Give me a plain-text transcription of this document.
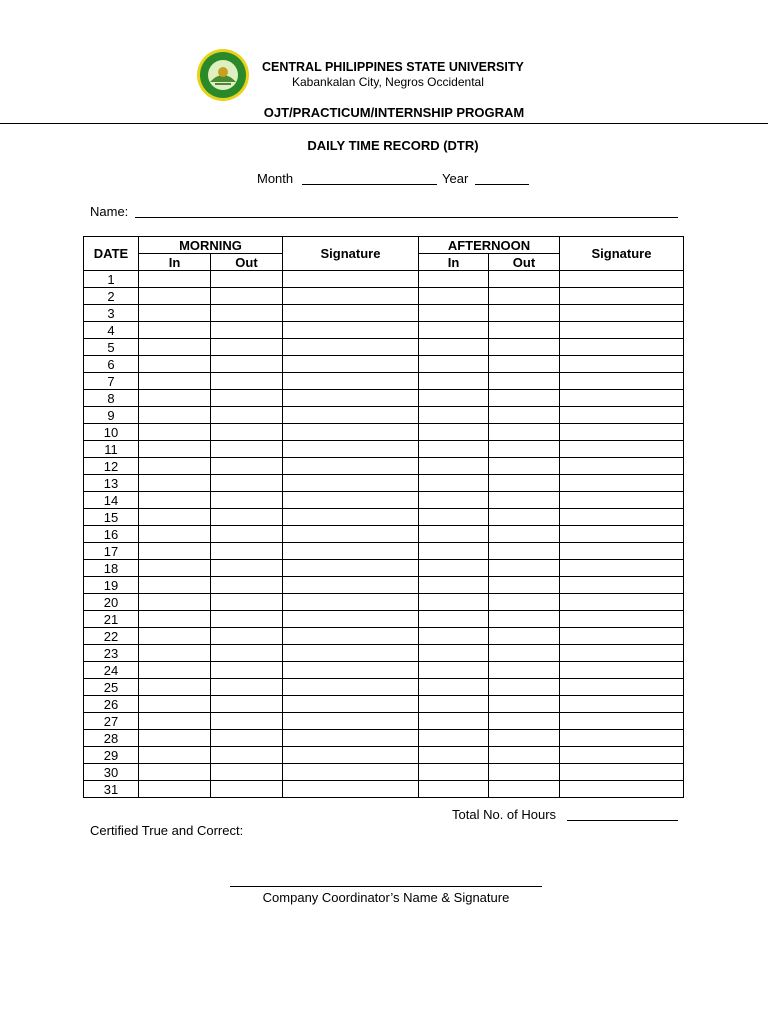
CENTRAL PHILIPPINES STATE UNIVERSITY
Kabankalan City, Negros Occidental
OJT/PRACTICUM/INTERNSHIP PROGRAM
DAILY TIME RECORD (DTR)
Month	Year
Name:
DATE	MORNING		Signature	AFTERNOON		Signature
	In	Out		In	Out	
1						
2						
3						
4						
5						
6						
7						
8						
9						
10						
11						
12						
13						
14						
15						
16						
17						
18						
19						
20						
21						
22						
23						
24						
25						
26						
27						
28						
29						
30						
31						
Total No. of Hours
Certified True and Correct:
Company Coordinator’s Name & Signature
